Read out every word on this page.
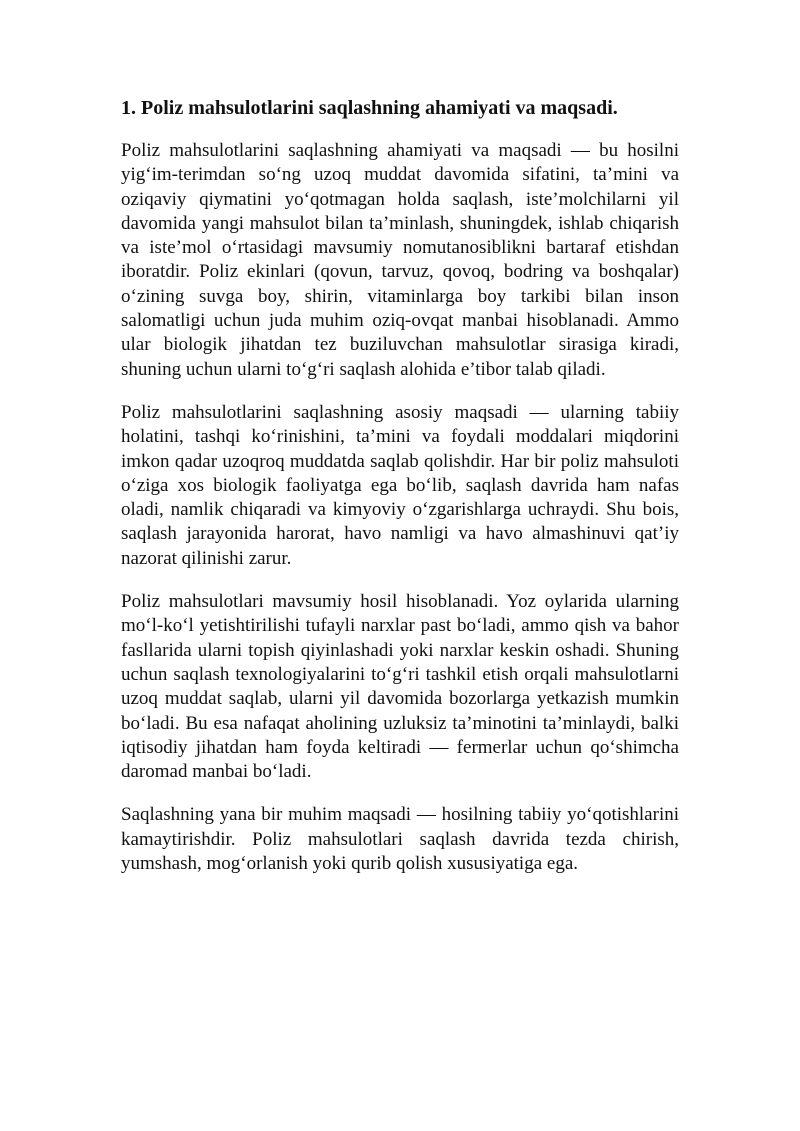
1. Poliz mahsulotlarini saqlashning ahamiyati va maqsadi.

Poliz mahsulotlarini saqlashning ahamiyati va maqsadi — bu hosilni yig‘im-terimdan so‘ng uzoq muddat davomida sifatini, ta’mini va oziqaviy qiymatini yo‘qotmagan holda saqlash, iste’molchilarni yil davomida yangi mahsulot bilan ta’minlash, shuningdek, ishlab chiqarish va iste’mol o‘rtasidagi mavsumiy nomutanosiblikni bartaraf etishdan iboratdir. Poliz ekinlari (qovun, tarvuz, qovoq, bodring va boshqalar) o‘zining suvga boy, shirin, vitaminlarga boy tarkibi bilan inson salomatligi uchun juda muhim oziq-ovqat manbai hisoblanadi. Ammo ular biologik jihatdan tez buziluvchan mahsulotlar sirasiga kiradi, shuning uchun ularni to‘g‘ri saqlash alohida e’tibor talab qiladi.

Poliz mahsulotlarini saqlashning asosiy maqsadi — ularning tabiiy holatini, tashqi ko‘rinishini, ta’mini va foydali moddalari miqdorini imkon qadar uzoqroq muddatda saqlab qolishdir. Har bir poliz mahsuloti o‘ziga xos biologik faoliyatga ega bo‘lib, saqlash davrida ham nafas oladi, namlik chiqaradi va kimyoviy o‘zgarishlarga uchraydi. Shu bois, saqlash jarayonida harorat, havo namligi va havo almashinuvi qat’iy nazorat qilinishi zarur.

Poliz mahsulotlari mavsumiy hosil hisoblanadi. Yoz oylarida ularning mo‘l-ko‘l yetishtirilishi tufayli narxlar past bo‘ladi, ammo qish va bahor fasllarida ularni topish qiyinlashadi yoki narxlar keskin oshadi. Shuning uchun saqlash texnologiyalarini to‘g‘ri tashkil etish orqali mahsulotlarni uzoq muddat saqlab, ularni yil davomida bozorlarga yetkazish mumkin bo‘ladi. Bu esa nafaqat aholining uzluksiz ta’minotini ta’minlaydi, balki iqtisodiy jihatdan ham foyda keltiradi — fermerlar uchun qo‘shimcha daromad manbai bo‘ladi.

Saqlashning yana bir muhim maqsadi — hosilning tabiiy yo‘qotishlarini kamaytirishdir. Poliz mahsulotlari saqlash davrida tezda chirish, yumshash, mog‘orlanish yoki qurib qolish xususiyatiga ega.
